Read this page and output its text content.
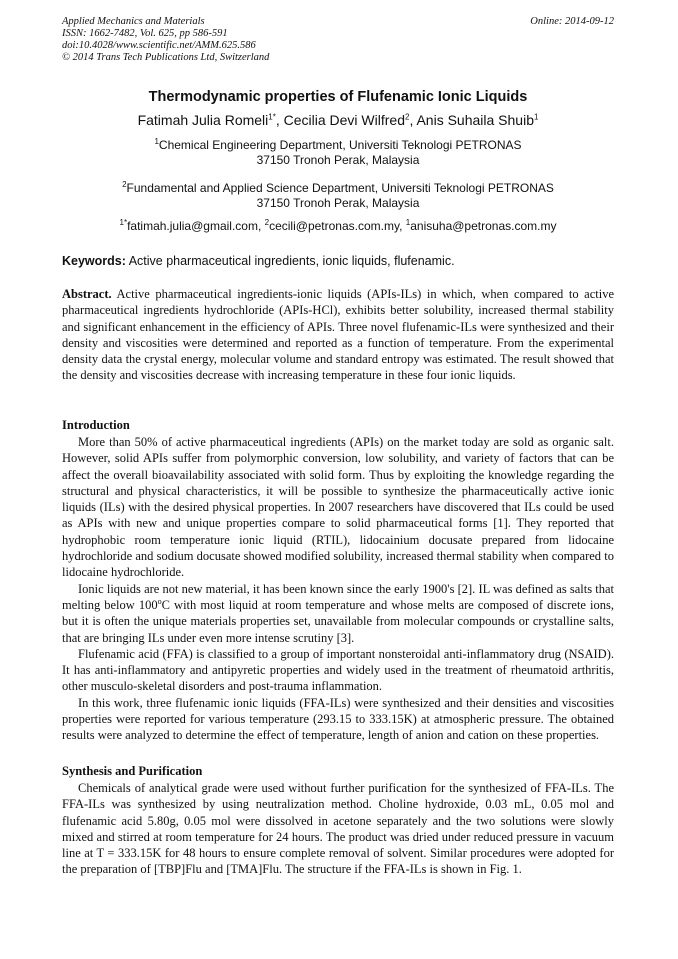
Applied Mechanics and Materials
ISSN: 1662-7482, Vol. 625, pp 586-591
doi:10.4028/www.scientific.net/AMM.625.586
© 2014 Trans Tech Publications Ltd, Switzerland
Online: 2014-09-12
Thermodynamic properties of Flufenamic Ionic Liquids
Fatimah Julia Romeli$^{1*}$, Cecilia Devi Wilfred$^2$, Anis Suhaila Shuib$^1$
$^1$Chemical Engineering Department, Universiti Teknologi PETRONAS
37150 Tronoh Perak, Malaysia
$^2$Fundamental and Applied Science Department, Universiti Teknologi PETRONAS
37150 Tronoh Perak, Malaysia
$^{1*}$fatimah.julia@gmail.com, $^2$cecili@petronas.com.my, $^1$anisuha@petronas.com.my
Keywords: Active pharmaceutical ingredients, ionic liquids, flufenamic.

Abstract. Active pharmaceutical ingredients-ionic liquids (APIs-ILs) in which, when compared to active pharmaceutical ingredients hydrochloride (APIs-HCl), exhibits better solubility, increased thermal stability and significant enhancement in the efficiency of APIs. Three novel flufenamic-ILs were synthesized and their density and viscosities were determined and reported as a function of temperature. From the experimental density data the crystal energy, molecular volume and standard entropy was estimated. The result showed that the density and viscosities decrease with increasing temperature in these four ionic liquids.

Introduction

More than 50% of active pharmaceutical ingredients (APIs) on the market today are sold as organic salt. However, solid APIs suffer from polymorphic conversion, low solubility, and variety of factors that can be affect the overall bioavailability associated with solid form. Thus by exploiting the knowledge regarding the structural and physical characteristics, it will be possible to synthesize the pharmaceutically active ionic liquids (ILs) with the desired physical properties. In 2007 researchers have discovered that ILs could be used as APIs with new and unique properties compare to solid pharmaceutical forms [1]. They reported that hydrophobic room temperature ionic liquid (RTIL), lidocainium docusate prepared from lidocaine hydrochloride and sodium docusate showed modified solubility, increased thermal stability when compared to lidocaine hydrochloride.

Ionic liquids are not new material, it has been known since the early 1900's [2]. IL was defined as salts that melting below 100$^o$C with most liquid at room temperature and whose melts are composed of discrete ions, but it is often the unique materials properties set, unavailable from molecular compounds or crystalline salts, that are bringing ILs under even more intense scrutiny [3].

Flufenamic acid (FFA) is classified to a group of important nonsteroidal anti-inflammatory drug (NSAID). It has anti-inflammatory and antipyretic properties and widely used in the treatment of rheumatoid arthritis, other musculo-skeletal disorders and post-trauma inflammation.

In this work, three flufenamic ionic liquids (FFA-ILs) were synthesized and their densities and viscosities properties were reported for various temperature (293.15 to 333.15K) at atmospheric pressure. The obtained results were analyzed to determine the effect of temperature, length of anion and cation on these properties.

Synthesis and Purification

Chemicals of analytical grade were used without further purification for the synthesized of FFA-ILs. The FFA-ILs was synthesized by using neutralization method. Choline hydroxide, 0.03 mL, 0.05 mol and flufenamic acid 5.80g, 0.05 mol were dissolved in acetone separately and the two solutions were slowly mixed and stirred at room temperature for 24 hours. The product was dried under reduced pressure in vacuum line at T = 333.15K for 48 hours to ensure complete removal of solvent. Similar procedures were adopted for the preparation of [TBP]Flu and [TMA]Flu. The structure if the FFA-ILs is shown in Fig. 1.
